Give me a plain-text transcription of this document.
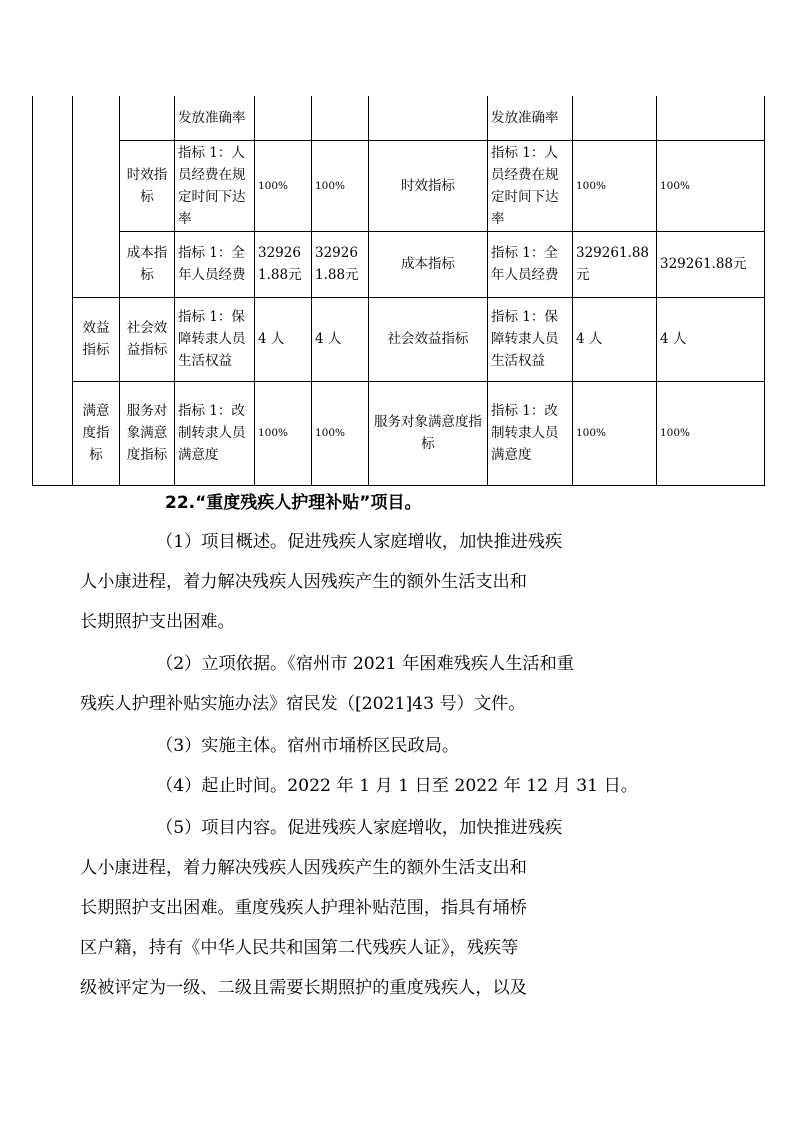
			发放准确率				发放准确率		
		时效指标	指标 1：人员经费在规定时间下达率	100%	100%	时效指标	指标 1：人员经费在规定时间下达率	100%	100%
		成本指标	指标 1：全年人员经费	329261.88元	329261.88元	成本指标	指标 1：全年人员经费	329261.88元	329261.88元
	效益指标	社会效益指标	指标 1：保障转隶人员生活权益	4 人	4 人	社会效益指标	指标 1：保障转隶人员生活权益	4 人	4 人
	满意度指标	服务对象满意度指标	指标 1：改制转隶人员满意度	100%	100%	服务对象满意度指标	指标 1：改制转隶人员满意度	100%	100%
22.“重度残疾人护理补贴”项目。
（1）项目概述。促进残疾人家庭增收，加快推进残疾
人小康进程，着力解决残疾人因残疾产生的额外生活支出和
长期照护支出困难。
（2）立项依据。《宿州市 2021 年困难残疾人生活和重
残疾人护理补贴实施办法》宿民发（[2021]43 号）文件。
（3）实施主体。宿州市埇桥区民政局。
（4）起止时间。2022 年 1 月 1 日至 2022 年 12 月 31 日。
（5）项目内容。促进残疾人家庭增收，加快推进残疾
人小康进程，着力解决残疾人因残疾产生的额外生活支出和
长期照护支出困难。重度残疾人护理补贴范围，指具有埇桥
区户籍，持有《中华人民共和国第二代残疾人证》，残疾等
级被评定为一级、二级且需要长期照护的重度残疾人，以及
